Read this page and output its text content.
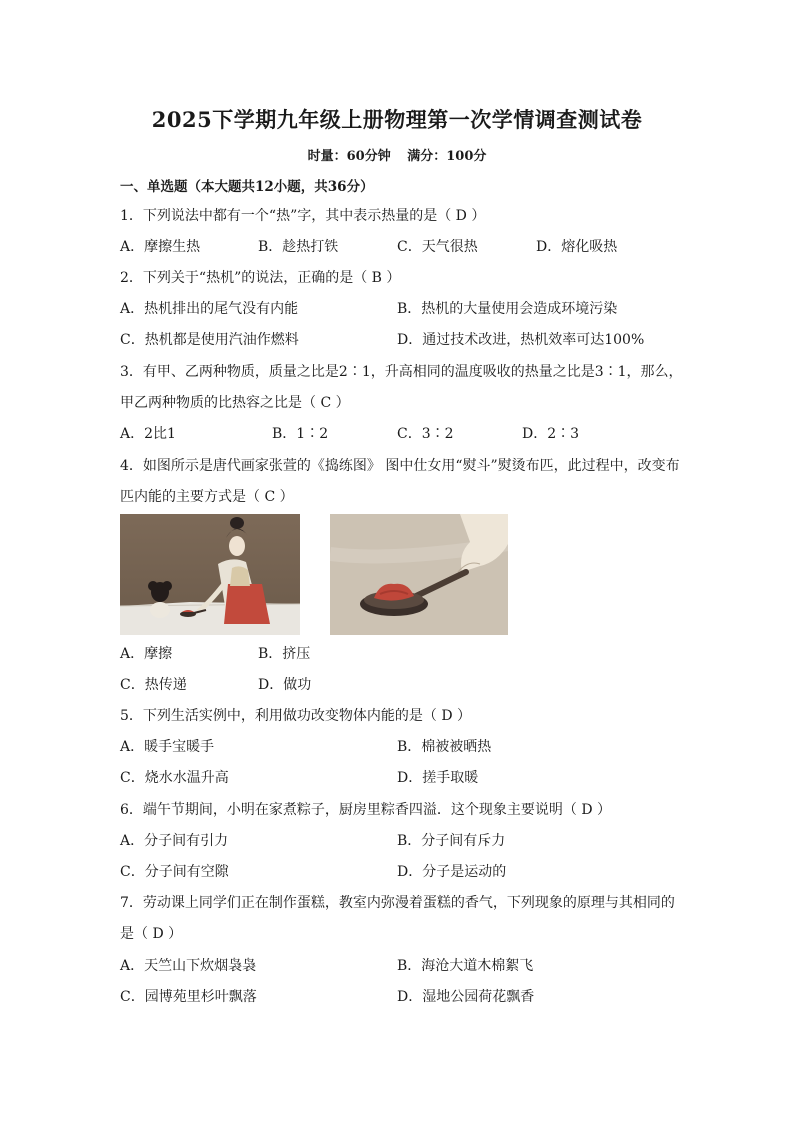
2025下学期九年级上册物理第一次学情调查测试卷
时量：60分钟 满分：100分
一、单选题（本大题共12小题，共36分）
1．下列说法中都有一个“热”字，其中表示热量的是（ D ）
A．摩擦生热	B．趁热打铁	C．天气很热	D．熔化吸热
2．下列关于“热机”的说法，正确的是（ B ）
A．热机排出的尾气没有内能	B．热机的大量使用会造成环境污染
C．热机都是使用汽油作燃料	D．通过技术改进，热机效率可达100%
3．有甲、乙两种物质，质量之比是2∶1，升高相同的温度吸收的热量之比是3∶1，那么，
甲乙两种物质的比热容之比是（ C ）
A．2比1	B．1∶2	C．3∶2	D．2∶3
4．如图所示是唐代画家张萱的《捣练图》 图中仕女用“熨斗”熨烫布匹，此过程中，改变布
匹内能的主要方式是（ C ）
A．摩擦	B．挤压
C．热传递	D．做功
5．下列生活实例中，利用做功改变物体内能的是（ D ）
A．暖手宝暖手	B．棉被被晒热
C．烧水水温升高	D．搓手取暖
6．端午节期间，小明在家煮粽子，厨房里粽香四溢．这个现象主要说明（ D ）
A．分子间有引力	B．分子间有斥力
C．分子间有空隙	D．分子是运动的
7．劳动课上同学们正在制作蛋糕，教室内弥漫着蛋糕的香气，下列现象的原理与其相同的
是（ D ）
A．天竺山下炊烟袅袅	B．海沧大道木棉絮飞
C．园博苑里杉叶飘落	D．湿地公园荷花飘香
